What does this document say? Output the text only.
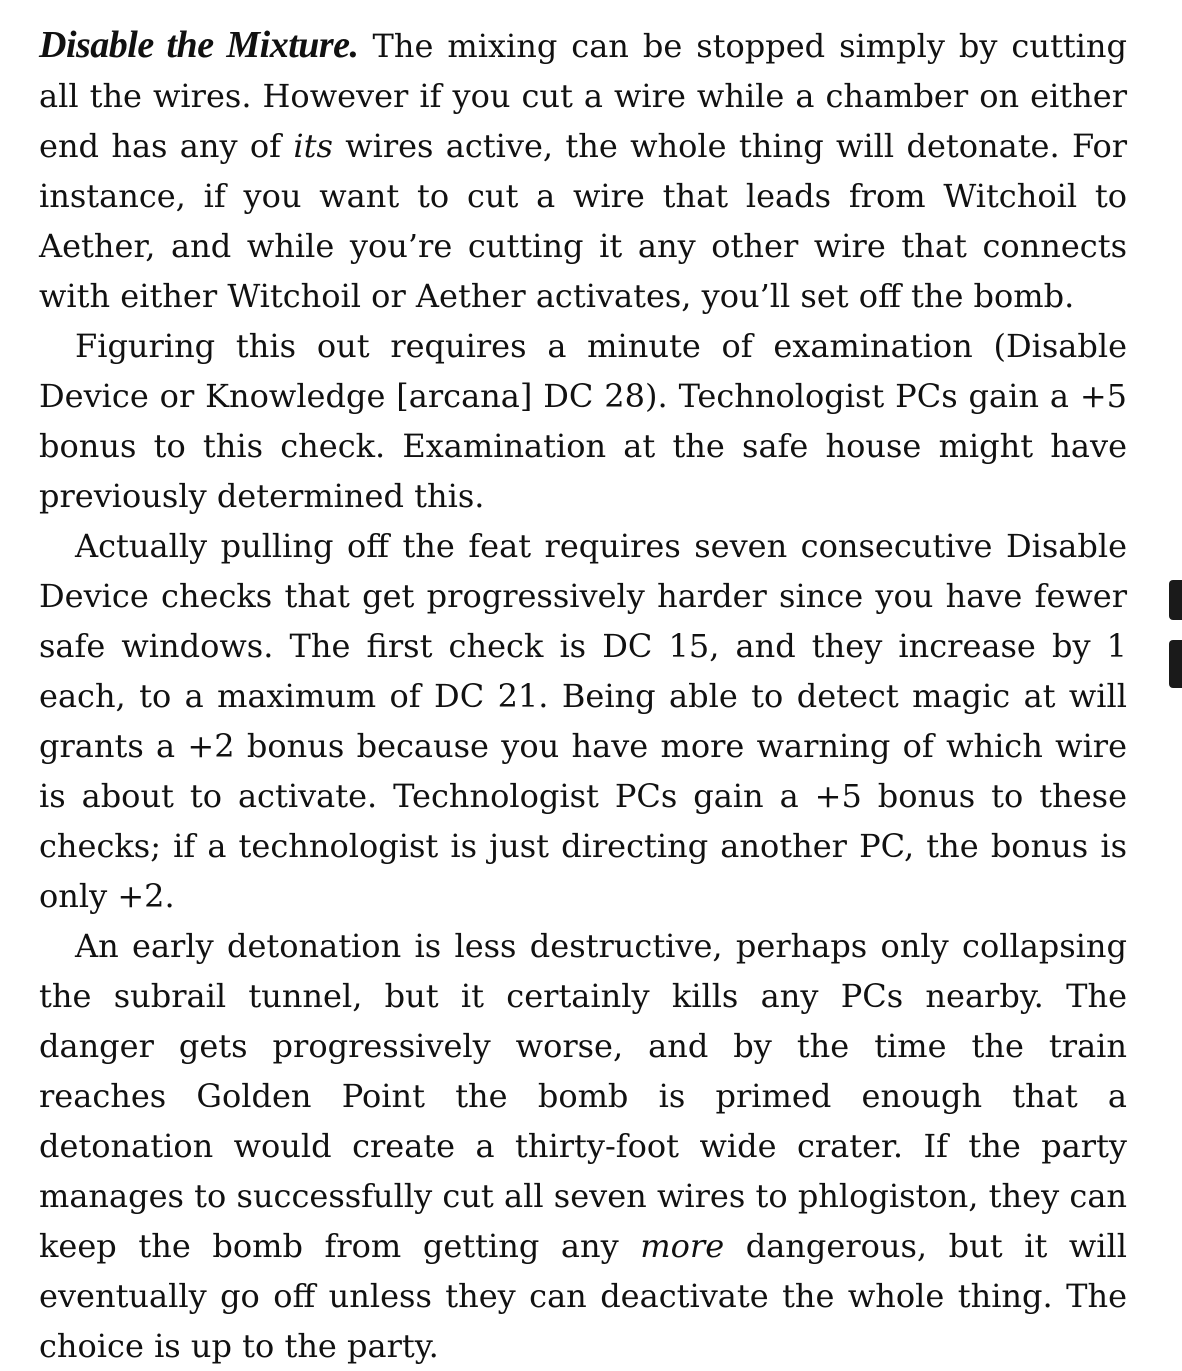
Disable the Mixture. The mixing can be stopped simply by cutting all the wires. However if you cut a wire while a chamber on either end has any of its wires active, the whole thing will detonate. For instance, if you want to cut a wire that leads from Witchoil to Aether, and while you’re cutting it any other wire that connects with either Witchoil or Aether activates, you’ll set off the bomb.

Figuring this out requires a minute of examination (Disable Device or Knowledge [arcana] DC 28). Technologist PCs gain a +5 bonus to this check. Examination at the safe house might have previously determined this.

Actually pulling off the feat requires seven consecutive Disable Device checks that get progressively harder since you have fewer safe windows. The first check is DC 15, and they increase by 1 each, to a maximum of DC 21. Being able to detect magic at will grants a +2 bonus because you have more warning of which wire is about to activate. Technologist PCs gain a +5 bonus to these checks; if a technologist is just directing another PC, the bonus is only +2.

An early detonation is less destructive, perhaps only collapsing the subrail tunnel, but it certainly kills any PCs nearby. The danger gets progressively worse, and by the time the train reaches Golden Point the bomb is primed enough that a detonation would create a thirty-foot wide crater. If the party manages to successfully cut all seven wires to phlogiston, they can keep the bomb from getting any more dangerous, but it will eventually go off unless they can deactivate the whole thing. The choice is up to the party.
